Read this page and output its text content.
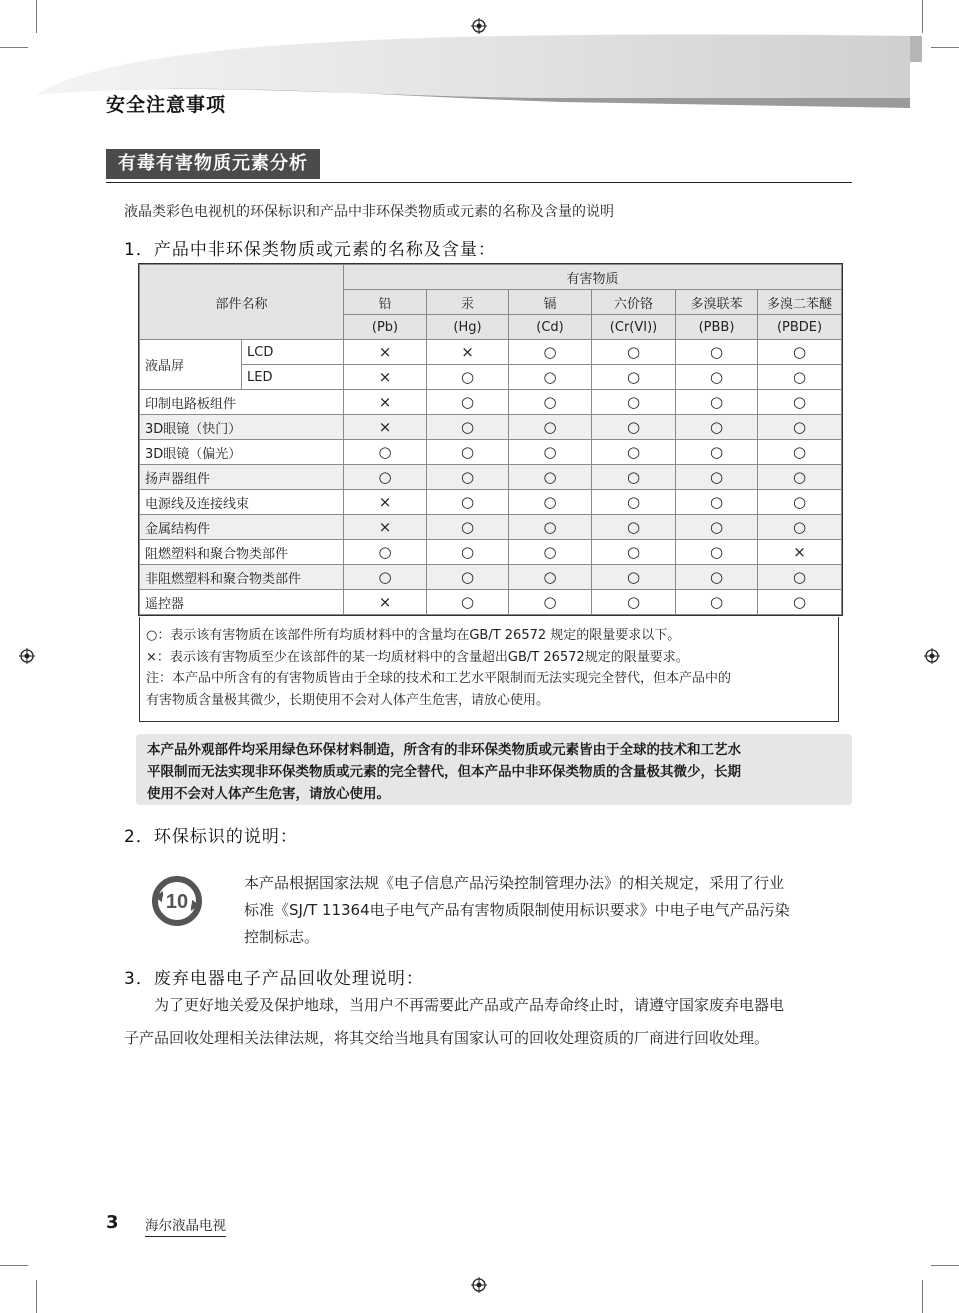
安全注意事项
有毒有害物质元素分析
液晶类彩色电视机的环保标识和产品中非环保类物质或元素的名称及含量的说明
1．产品中非环保类物质或元素的名称及含量：
部件名称		有害物质					
		铅	汞	镉	六价铬	多溴联苯	多溴二苯醚
		(Pb)	(Hg)	(Cd)	(Cr(VI))	(PBB)	(PBDE)
液晶屏	LCD	×	×	○	○	○	○
	LED	×	○	○	○	○	○
印制电路板组件		×	○	○	○	○	○
3D眼镜（快门）		×	○	○	○	○	○
3D眼镜（偏光）		○	○	○	○	○	○
扬声器组件		○	○	○	○	○	○
电源线及连接线束		×	○	○	○	○	○
金属结构件		×	○	○	○	○	○
阻燃塑料和聚合物类部件		○	○	○	○	○	×
非阻燃塑料和聚合物类部件		○	○	○	○	○	○
遥控器		×	○	○	○	○	○
○：表示该有害物质在该部件所有均质材料中的含量均在GB/T 26572 规定的限量要求以下。
×：表示该有害物质至少在该部件的某一均质材料中的含量超出GB/T 26572规定的限量要求。
注：本产品中所含有的有害物质皆由于全球的技术和工艺水平限制而无法实现完全替代，但本产品中的
有害物质含量极其微少，长期使用不会对人体产生危害，请放心使用。
本产品外观部件均采用绿色环保材料制造，所含有的非环保类物质或元素皆由于全球的技术和工艺水
平限制而无法实现非环保类物质或元素的完全替代，但本产品中非环保类物质的含量极其微少，长期
使用不会对人体产生危害，请放心使用。
2．环保标识的说明：
10
本产品根据国家法规《电子信息产品污染控制管理办法》的相关规定，采用了行业
标准《SJ/T 11364电子电气产品有害物质限制使用标识要求》中电子电气产品污染
控制标志。
3．废弃电器电子产品回收处理说明：
　　为了更好地关爱及保护地球，当用户不再需要此产品或产品寿命终止时，请遵守国家废弃电器电
子产品回收处理相关法律法规，将其交给当地具有国家认可的回收处理资质的厂商进行回收处理。
3 海尔液晶电视
